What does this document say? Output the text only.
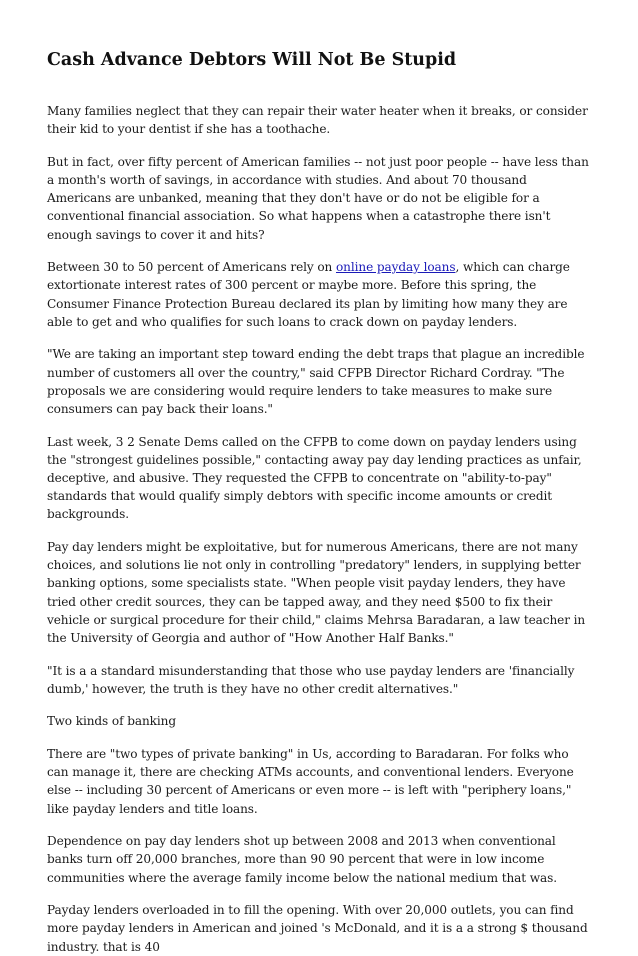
Cash Advance Debtors Will Not Be Stupid

Many families neglect that they can repair their water heater when it breaks, or consider their kid to your dentist if she has a toothache.

But in fact, over fifty percent of American families -- not just poor people -- have less than a month's worth of savings, in accordance with studies. And about 70 thousand Americans are unbanked, meaning that they don't have or do not be eligible for a conventional financial association. So what happens when a catastrophe there isn't enough savings to cover it and hits?

Between 30 to 50 percent of Americans rely on online payday loans, which can charge extortionate interest rates of 300 percent or maybe more. Before this spring, the Consumer Finance Protection Bureau declared its plan by limiting how many they are able to get and who qualifies for such loans to crack down on payday lenders.

"We are taking an important step toward ending the debt traps that plague an incredible number of customers all over the country," said CFPB Director Richard Cordray. "The proposals we are considering would require lenders to take measures to make sure consumers can pay back their loans."

Last week, 3 2 Senate Dems called on the CFPB to come down on payday lenders using the "strongest guidelines possible," contacting away pay day lending practices as unfair, deceptive, and abusive. They requested the CFPB to concentrate on "ability-to-pay" standards that would qualify simply debtors with specific income amounts or credit backgrounds.

Pay day lenders might be exploitative, but for numerous Americans, there are not many choices, and solutions lie not only in controlling "predatory" lenders, in supplying better banking options, some specialists state. "When people visit payday lenders, they have tried other credit sources, they can be tapped away, and they need $500 to fix their vehicle or surgical procedure for their child," claims Mehrsa Baradaran, a law teacher in the University of Georgia and author of "How Another Half Banks."

"It is a a standard misunderstanding that those who use payday lenders are 'financially dumb,' however, the truth is they have no other credit alternatives."

Two kinds of banking

There are "two types of private banking" in Us, according to Baradaran. For folks who can manage it, there are checking ATMs accounts, and conventional lenders. Everyone else -- including 30 percent of Americans or even more -- is left with "periphery loans," like payday lenders and title loans.

Dependence on pay day lenders shot up between 2008 and 2013 when conventional banks turn off 20,000 branches, more than 90 90 percent that were in low income communities where the average family income below the national medium that was.

Payday lenders overloaded in to fill the opening. With over 20,000 outlets, you can find more payday lenders in American and joined 's McDonald, and it is a a strong $ thousand industry. that is 40
